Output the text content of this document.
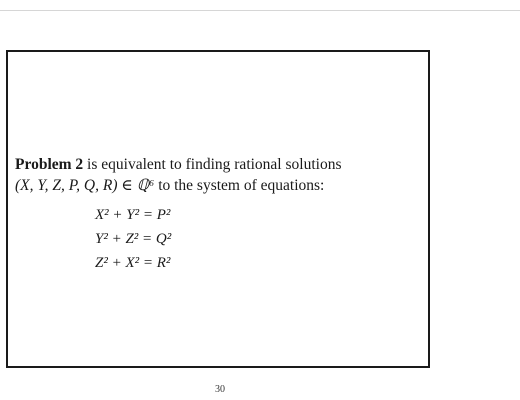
Problem 2 is equivalent to finding rational solutions
(X, Y, Z, P, Q, R) ∈ ℚ⁶ to the system of equations:
X² + Y² = P²
Y² + Z² = Q²
Z² + X² = R²
30
